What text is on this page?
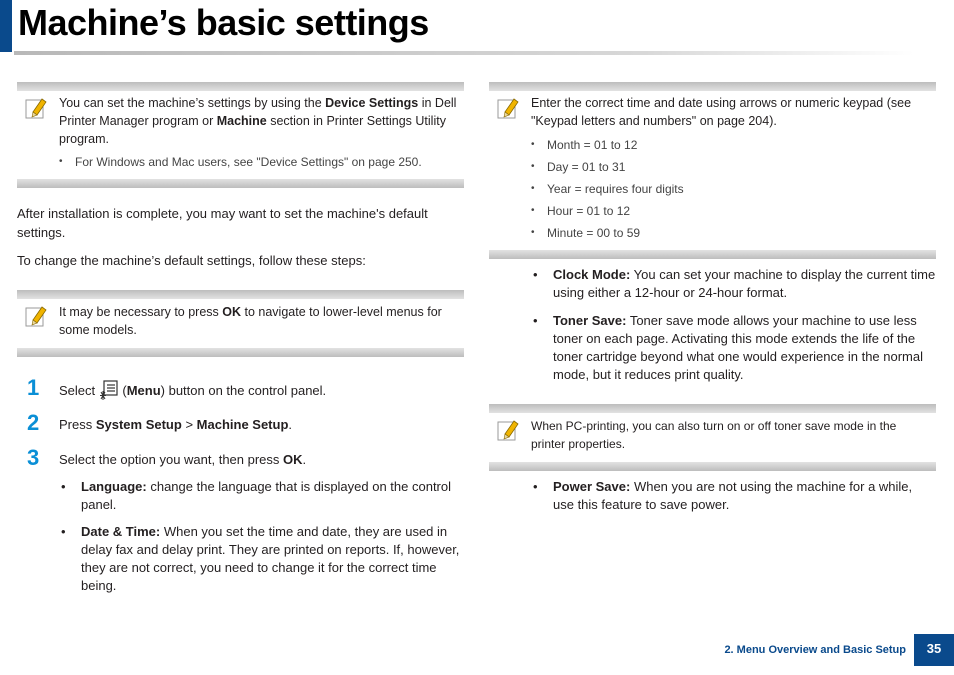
Machine’s basic settings
You can set the machine’s settings by using the Device Settings in Dell Printer Manager program or Machine section in Printer Settings Utility program.
• For Windows and Mac users, see "Device Settings" on page 250.
After installation is complete, you may want to set the machine's default settings.
To change the machine’s default settings, follow these steps:
It may be necessary to press OK to navigate to lower-level menus for some models.
1 Select  (Menu) button on the control panel.
2 Press System Setup > Machine Setup.
3 Select the option you want, then press OK.
• Language: change the language that is displayed on the control panel.
• Date & Time: When you set the time and date, they are used in delay fax and delay print. They are printed on reports. If, however, they are not correct, you need to change it for the correct time being.
Enter the correct time and date using arrows or numeric keypad (see "Keypad letters and numbers" on page 204).
• Month = 01 to 12
• Day = 01 to 31
• Year = requires four digits
• Hour = 01 to 12
• Minute = 00 to 59
• Clock Mode: You can set your machine to display the current time using either a 12-hour or 24-hour format.
• Toner Save: Toner save mode allows your machine to use less toner on each page. Activating this mode extends the life of the toner cartridge beyond what one would experience in the normal mode, but it reduces print quality.
When PC-printing, you can also turn on or off toner save mode in the printer properties.
• Power Save: When you are not using the machine for a while, use this feature to save power.
2. Menu Overview and Basic Setup	35
